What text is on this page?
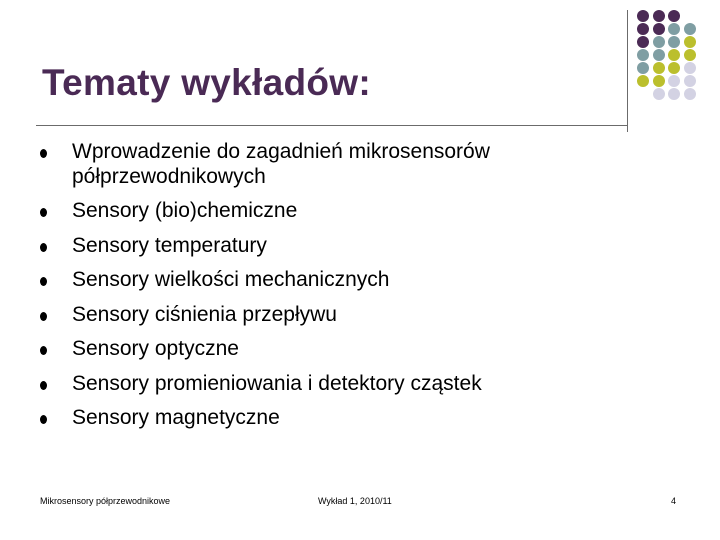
Tematy wykładów:
Wprowadzenie do zagadnień mikrosensorów półprzewodnikowych
Sensory (bio)chemiczne
Sensory temperatury
Sensory wielkości mechanicznych
Sensory ciśnienia przepływu
Sensory optyczne
Sensory promieniowania i detektory cząstek
Sensory magnetyczne
Mikrosensory półprzewodnikowe	Wykład 1, 2010/11	4
